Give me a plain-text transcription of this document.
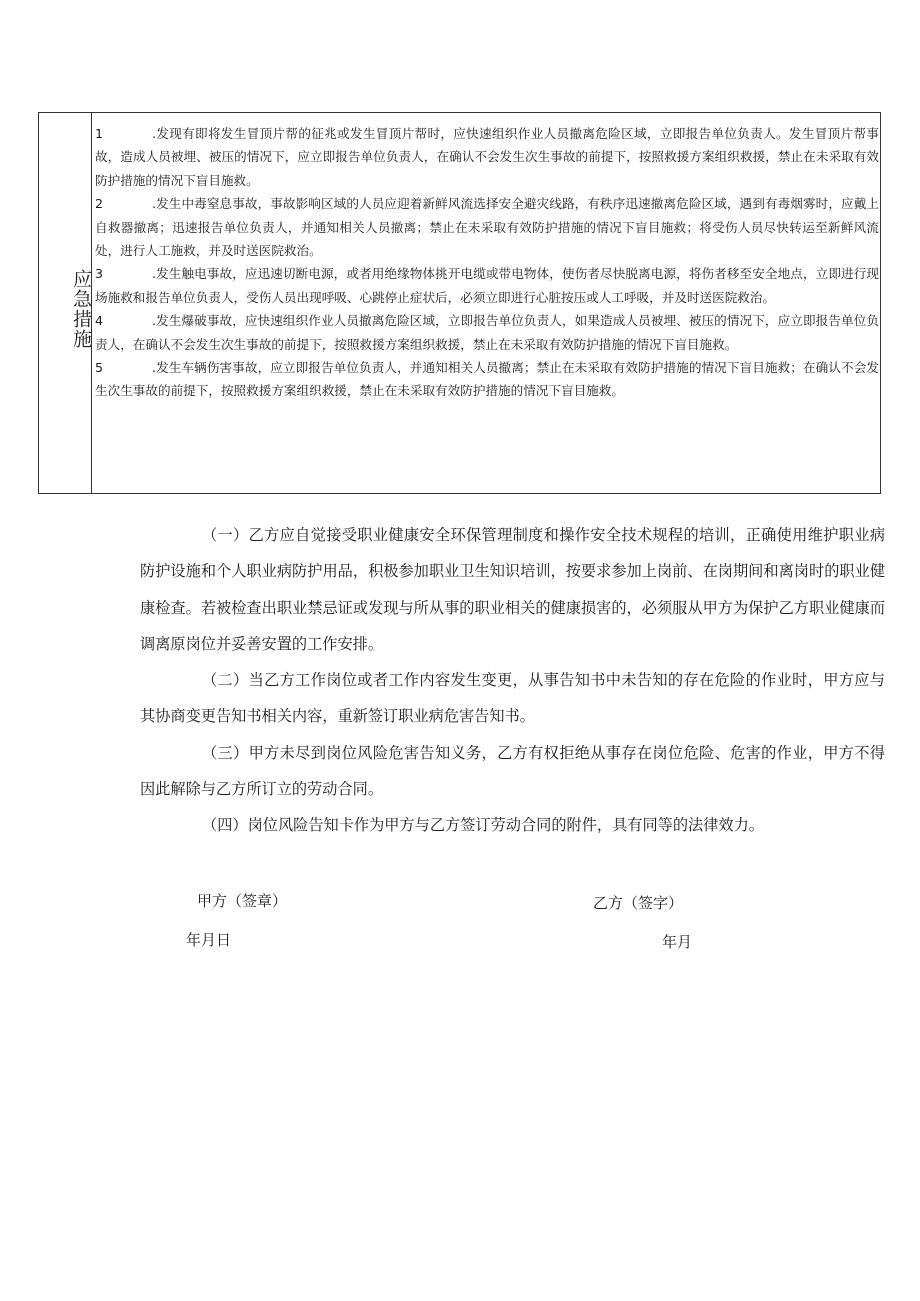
应急措施

1	.发现有即将发生冒顶片帮的征兆或发生冒顶片帮时，应快速组织作业人员撤离危险区域，立即报告单位负责人。发生冒顶片帮事故，造成人员被埋、被压的情况下，应立即报告单位负责人，在确认不会发生次生事故的前提下，按照救援方案组织救援，禁止在未采取有效防护措施的情况下盲目施救。

2	.发生中毒窒息事故，事故影响区域的人员应迎着新鲜风流选择安全避灾线路，有秩序迅速撤离危险区域，遇到有毒烟雾时，应戴上自救器撤离；迅速报告单位负责人，并通知相关人员撤离；禁止在未采取有效防护措施的情况下盲目施救；将受伤人员尽快转运至新鲜风流处，进行人工施救，并及时送医院救治。

3	.发生触电事故，应迅速切断电源，或者用绝缘物体挑开电缆或带电物体，使伤者尽快脱离电源，将伤者移至安全地点，立即进行现场施救和报告单位负责人，受伤人员出现呼吸、心跳停止症状后，必须立即进行心脏按压或人工呼吸，并及时送医院救治。

4	.发生爆破事故，应快速组织作业人员撤离危险区域，立即报告单位负责人，如果造成人员被埋、被压的情况下，应立即报告单位负责人，在确认不会发生次生事故的前提下，按照救援方案组织救援，禁止在未采取有效防护措施的情况下盲目施救。

5	.发生车辆伤害事故，应立即报告单位负责人，并通知相关人员撤离；禁止在未采取有效防护措施的情况下盲目施救；在确认不会发生次生事故的前提下，按照救援方案组织救援，禁止在未采取有效防护措施的情况下盲目施救。

（一）乙方应自觉接受职业健康安全环保管理制度和操作安全技术规程的培训，正确使用维护职业病防护设施和个人职业病防护用品，积极参加职业卫生知识培训，按要求参加上岗前、在岗期间和离岗时的职业健康检查。若被检查出职业禁忌证或发现与所从事的职业相关的健康损害的，必须服从甲方为保护乙方职业健康而调离原岗位并妥善安置的工作安排。

（二）当乙方工作岗位或者工作内容发生变更，从事告知书中未告知的存在危险的作业时，甲方应与其协商变更告知书相关内容，重新签订职业病危害告知书。

（三）甲方未尽到岗位风险危害告知义务，乙方有权拒绝从事存在岗位危险、危害的作业，甲方不得因此解除与乙方所订立的劳动合同。

（四）岗位风险告知卡作为甲方与乙方签订劳动合同的附件，具有同等的法律效力。

甲方（签章）
年月日
乙方（签字）
年月
